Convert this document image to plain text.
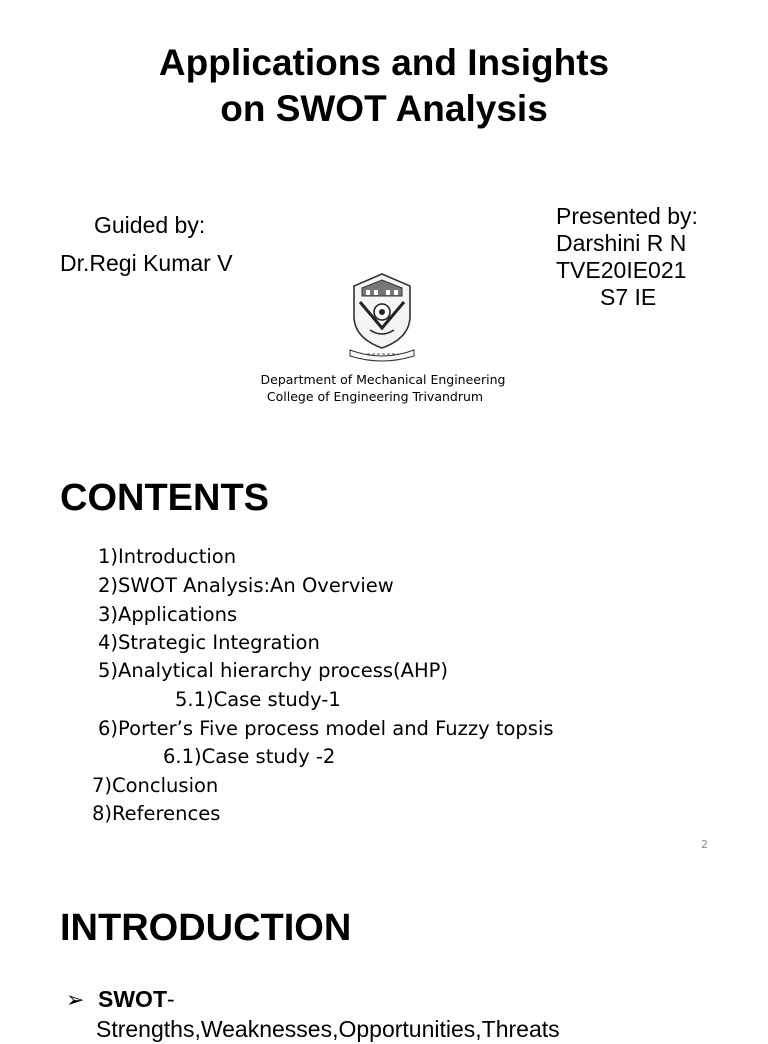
Applications and Insights
on SWOT Analysis
Guided by:
Dr.Regi Kumar V
Presented by:
Darshini R N
TVE20IE021
S7 IE
Department of Mechanical Engineering
College of Engineering Trivandrum
CONTENTS
1)Introduction
2)SWOT Analysis:An Overview
3)Applications
4)Strategic Integration
5)Analytical hierarchy process(AHP)
5.1)Case study-1
6)Porter’s Five process model and Fuzzy topsis
6.1)Case study -2
7)Conclusion
8)References
2
INTRODUCTION
➢ SWOT-
Strengths,Weaknesses,Opportunities,Threats
